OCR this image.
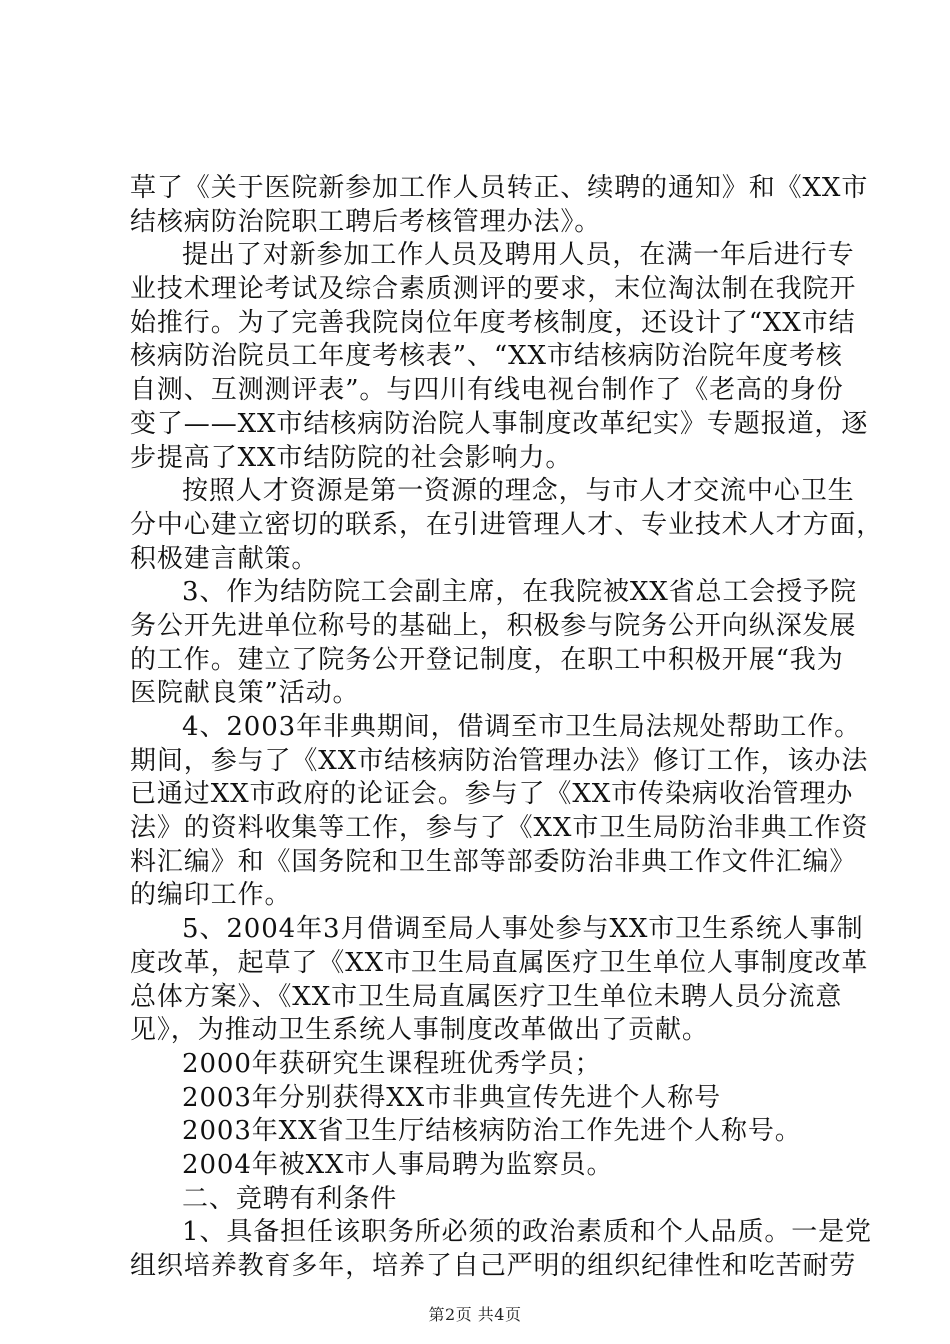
草了《关于医院新参加工作人员转正、续聘的通知》和《XX市
结核病防治院职工聘后考核管理办法》。
提出了对新参加工作人员及聘用人员，在满一年后进行专
业技术理论考试及综合素质测评的要求，末位淘汰制在我院开
始推行。为了完善我院岗位年度考核制度，还设计了“XX市结
核病防治院员工年度考核表”、“XX市结核病防治院年度考核
自测、互测测评表”。与四川有线电视台制作了《老高的身份
变了——XX市结核病防治院人事制度改革纪实》专题报道，逐
步提高了XX市结防院的社会影响力。
按照人才资源是第一资源的理念，与市人才交流中心卫生
分中心建立密切的联系，在引进管理人才、专业技术人才方面，
积极建言献策。
3、作为结防院工会副主席，在我院被XX省总工会授予院
务公开先进单位称号的基础上，积极参与院务公开向纵深发展
的工作。建立了院务公开登记制度，在职工中积极开展“我为
医院献良策”活动。
4、2003年非典期间，借调至市卫生局法规处帮助工作。
期间，参与了《XX市结核病防治管理办法》修订工作，该办法
已通过XX市政府的论证会。参与了《XX市传染病收治管理办
法》的资料收集等工作，参与了《XX市卫生局防治非典工作资
料汇编》和《国务院和卫生部等部委防治非典工作文件汇编》
的编印工作。
5、2004年3月借调至局人事处参与XX市卫生系统人事制
度改革，起草了《XX市卫生局直属医疗卫生单位人事制度改革
总体方案》、《XX市卫生局直属医疗卫生单位未聘人员分流意
见》，为推动卫生系统人事制度改革做出了贡献。
2000年获研究生课程班优秀学员；
2003年分别获得XX市非典宣传先进个人称号
2003年XX省卫生厅结核病防治工作先进个人称号。
2004年被XX市人事局聘为监察员。
二、竞聘有利条件
1、具备担任该职务所必须的政治素质和个人品质。一是党
组织培养教育多年，培养了自己严明的组织纪律性和吃苦耐劳
第2页 共4页
